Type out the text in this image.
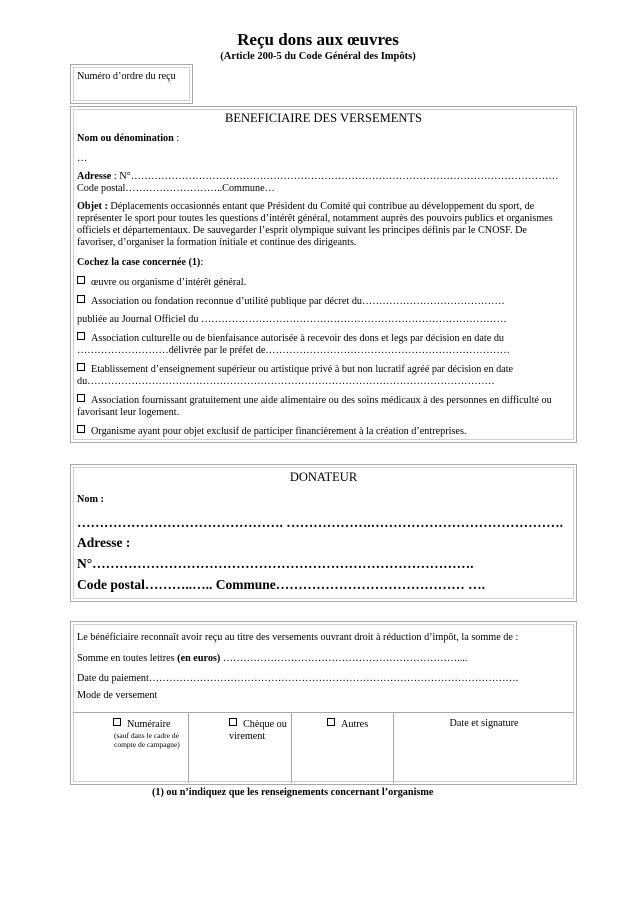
Reçu dons aux œuvres
(Article 200-5 du Code Général des Impôts)
Numéro d’ordre du reçu
BENEFICIAIRE DES VERSEMENTS
Nom ou dénomination :
…
Adresse : N°………………………………………………………………………………………………………………
Code postal………………………..Commune…
Objet : Déplacements occasionnés entant que Président du Comité qui contribue au développement du sport, de représenter le sport pour toutes les questions d’intérêt général, notamment auprès des pouvoirs publics et organismes officiels et départementaux. De sauvegarder l’esprit olympique suivant les principes définis par le CNOSF. De favoriser, d’organiser la formation initiale et continue des dirigeants.
Cochez la case concernée (1):
œuvre ou organisme d’intérêt général.
Association ou fondation reconnue d’utilité publique par décret du……………………………………
publiée au Journal Officiel du ………………………………………………………………………………
Association culturelle ou de bienfaisance autorisée à recevoir des dons et legs par décision en date du ………………………délivrée par le préfet de………………………………………………………………
Etablissement d’enseignement supérieur ou artistique privé à but non lucratif agréé par décision en date du…………………………………………………………………………………………………………
Association fournissant gratuitement une aide alimentaire ou des soins médicaux à des personnes en difficulté ou favorisant leur logement.
Organisme ayant pour objet exclusif de participer financièrement à la création d’entreprises.
DONATEUR
Nom :
………………………………………. ……………….…………………………………….
Adresse :
N°………………………………………………………………………….
Code postal………..….. Commune…………………………………… ….
Le bénéficiaire reconnaît avoir reçu au titre des versements ouvrant droit à réduction d’impôt, la somme de :
Somme en toutes lettres (en euros) ……………………………………………………………....
Date du paiement……………………………………………………………………………………………….
Mode de versement
Numéraire
(sauf dans le cadre de compte de campagne)
Chèque ou virement
Autres	Date et signature
(1) ou n’indiquez que les renseignements concernant l’organisme
